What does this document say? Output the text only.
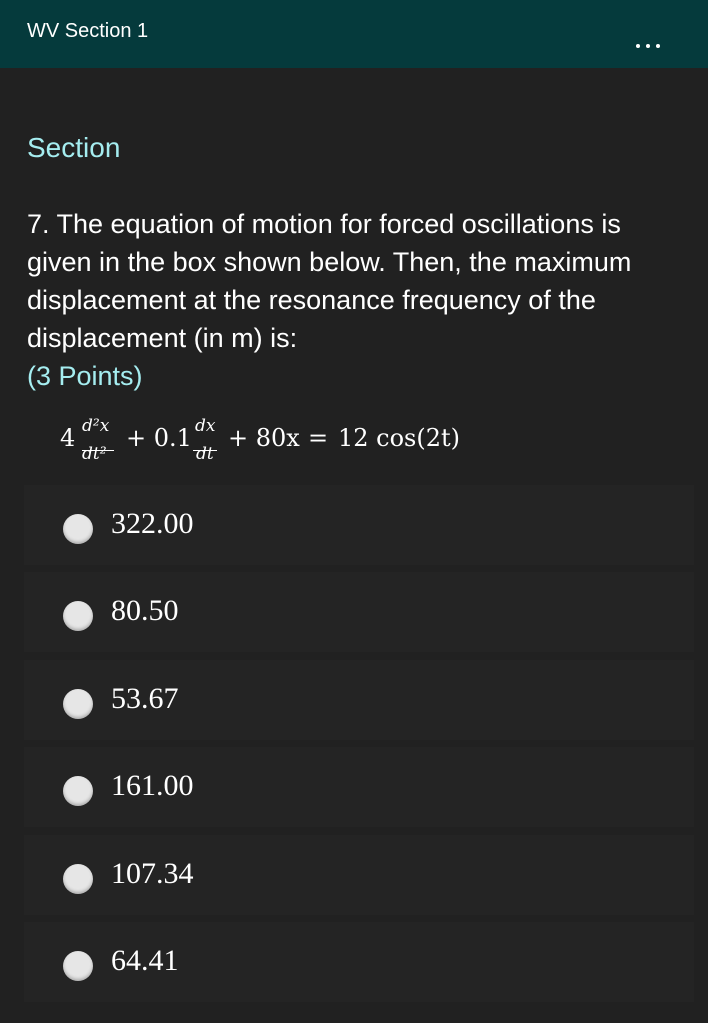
WV Section 1
Section
7. The equation of motion for forced oscillations is given in the box shown below. Then, the maximum displacement at the resonance frequency of the displacement (in m) is:
(3 Points)
4 d²x
dt²
+ 0.1 dx
dt
+ 80x = 12 cos(2t)
322.00
80.50
53.67
161.00
107.34
64.41
